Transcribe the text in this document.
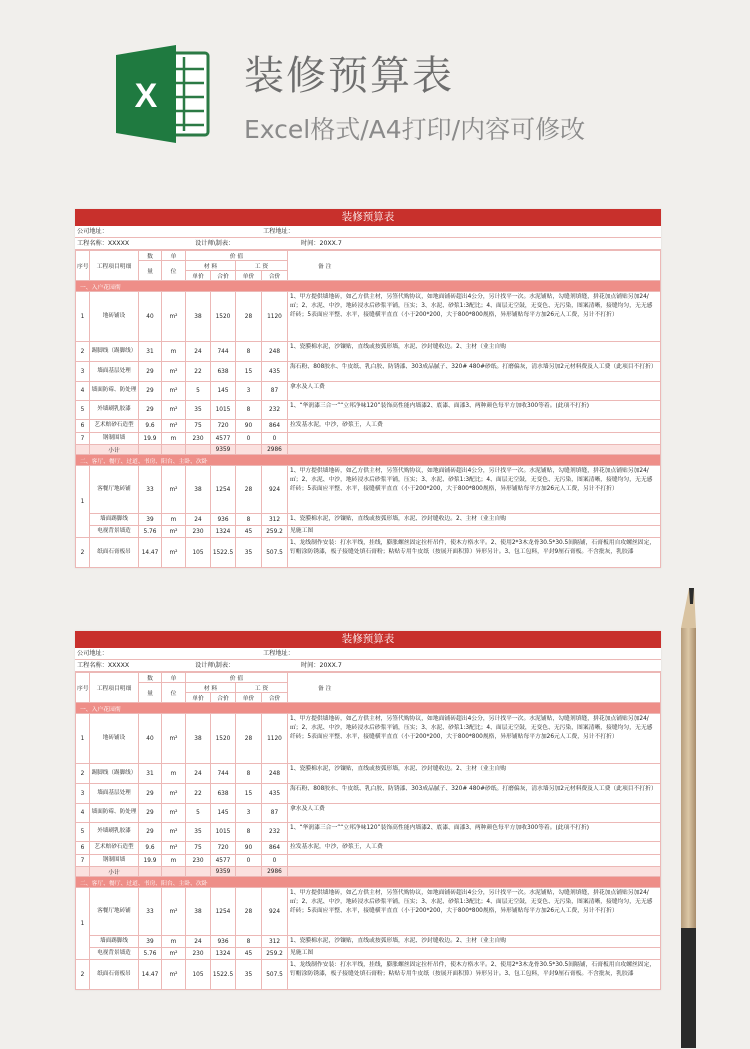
X 装修预算表
Excel格式/A4打印/内容可修改
装修预算表
公司地址：	工程地址：
工程名称：XXXXX	设计师\制表：	时间：20XX.7
序号	工程项目明细	数	单	价 值				备 注
		量	位	材 料		工 资		
				单价	合价	单价	合价	
一、入户花园彻								
1	地砖铺设	40	m²	38	1520	28	1120	1、甲方提供墙地砖，如乙方供主材，另签代购协议，如地面铺砖超出4公分，另计找平一次。水泥铺贴，勾缝剂填缝，拼花加点铺贴另加24/㎡；2、水泥、中沙，地砖浸水后砂浆平铺，压实；3、水泥、砂浆1:3配比；4、面层无空鼓，无变色、无污染，图案清晰，接缝均匀，无无感纤砖；5表面应平整、水平，接缝横平直直（小于200*200，大于800*800规格，异形铺贴每平方加26元人工费，另计不打折）
2	踢脚线（踢脚线）	31	m	24	744	8	248	1、瓷膜棉水泥，沙镶贴，直线或按弧形墙，水泥、沙封缝收边。2、主材（业主自购
3	墙面基层处理	29	m²	22	638	15	435	海石粉、808胶水、牛皮纸、乳白胶、防锈漆、303成品腻子、320# 480#砂纸。打磨偏灰，清水墙另加2元材料费及人工费（此项目不打折）
4	墙面防霉、防处理	29	m²	5	145	3	87	拿水及人工费
5	外墙刷乳胶漆	29	m²	35	1015	8	232	1、“华润漆三合一”“立邦净味120”装饰高性能内墙漆2、底漆、面漆3、两种颜色每平方加收300等着。(此项不打折)
6	艺术赔砂石造型	9.6	m²	75	720	90	864	拉发基水泥，中沙，砂浆王，人工费
7	钢制围墙	19.9	m	230	4577	0	0	
	小计				9359		2986	
二、客厅、餐厅、过道、书房、阳台、主卧、次卧								
1	客餐厅地砖铺	33	m²	38	1254	28	924	1、甲方提供墙地砖，如乙方供主材，另签代购协议，如地面铺砖超出4公分，另计找平一次。水泥铺贴，勾缝剂填缝，拼花加点铺贴另加24/㎡；2、水泥、中沙，地砖浸水后砂浆平铺，压实；3、水泥、砂浆1:3配比；4、面层无空鼓，无变色、无污染，图案清晰，接缝均匀，无无感纤砖；5表面应平整、水平，接缝横平直直（小于200*200，大于800*800规格，异形铺贴每平方加26元人工费，另计不打折）
	墙面踢脚线	39	m	24	936	8	312	1、瓷膜棉水泥，沙镶贴，直线或按弧形墙，水泥、沙封缝收边。2、主材（业主自购
	电视背景墙造	5.76	m²	230	1324	45	259.2	见施工图
2	纸面石膏板吊	14.47	m²	105	1522.5	35	507.5	1、龙线制作安装：打水平线，挂线，膨胀螺丝固定拉杆吊件，使木方格水平。2、使用2*3木龙骨30.5*30.5间隔铺，石膏板用自攻螺丝固定，钉帽涂防锈漆，板子接缝处填石膏粉；粘贴专用牛皮纸（按展开面积算）异形另计。3、包工包料，平封9厘石膏板。不含批灰，乳胶漆
装修预算表
公司地址：	工程地址：
工程名称：XXXXX	设计师\制表：	时间：20XX.7
序号	工程项目明细	数	单	价 值				备 注
		量	位	材 料		工 资		
				单价	合价	单价	合价	
一、入户花园彻								
1	地砖铺设	40	m²	38	1520	28	1120	1、甲方提供墙地砖，如乙方供主材，另签代购协议，如地面铺砖超出4公分，另计找平一次。水泥铺贴，勾缝剂填缝，拼花加点铺贴另加24/㎡；2、水泥、中沙，地砖浸水后砂浆平铺，压实；3、水泥、砂浆1:3配比；4、面层无空鼓，无变色、无污染，图案清晰，接缝均匀，无无感纤砖；5表面应平整、水平，接缝横平直直（小于200*200，大于800*800规格，异形铺贴每平方加26元人工费，另计不打折）
2	踢脚线（踢脚线）	31	m	24	744	8	248	1、瓷膜棉水泥，沙镶贴，直线或按弧形墙，水泥、沙封缝收边。2、主材（业主自购
3	墙面基层处理	29	m²	22	638	15	435	海石粉、808胶水、牛皮纸、乳白胶、防锈漆、303成品腻子、320# 480#砂纸。打磨偏灰，清水墙另加2元材料费及人工费（此项目不打折）
4	墙面防霉、防处理	29	m²	5	145	3	87	拿水及人工费
5	外墙刷乳胶漆	29	m²	35	1015	8	232	1、“华润漆三合一”“立邦净味120”装饰高性能内墙漆2、底漆、面漆3、两种颜色每平方加收300等着。(此项不打折)
6	艺术赔砂石造型	9.6	m²	75	720	90	864	拉发基水泥，中沙，砂浆王，人工费
7	钢制围墙	19.9	m	230	4577	0	0	
	小计				9359		2986	
二、客厅、餐厅、过道、书房、阳台、主卧、次卧								
1	客餐厅地砖铺	33	m²	38	1254	28	924	1、甲方提供墙地砖，如乙方供主材，另签代购协议，如地面铺砖超出4公分，另计找平一次。水泥铺贴，勾缝剂填缝，拼花加点铺贴另加24/㎡；2、水泥、中沙，地砖浸水后砂浆平铺，压实；3、水泥、砂浆1:3配比；4、面层无空鼓，无变色、无污染，图案清晰，接缝均匀，无无感纤砖；5表面应平整、水平，接缝横平直直（小于200*200，大于800*800规格，异形铺贴每平方加26元人工费，另计不打折）
	墙面踢脚线	39	m	24	936	8	312	1、瓷膜棉水泥，沙镶贴，直线或按弧形墙，水泥、沙封缝收边。2、主材（业主自购
	电视背景墙造	5.76	m²	230	1324	45	259.2	见施工图
2	纸面石膏板吊	14.47	m²	105	1522.5	35	507.5	1、龙线制作安装：打水平线，挂线，膨胀螺丝固定拉杆吊件，使木方格水平。2、使用2*3木龙骨30.5*30.5间隔铺，石膏板用自攻螺丝固定，钉帽涂防锈漆，板子接缝处填石膏粉；粘贴专用牛皮纸（按展开面积算）异形另计。3、包工包料，平封9厘石膏板。不含批灰，乳胶漆
